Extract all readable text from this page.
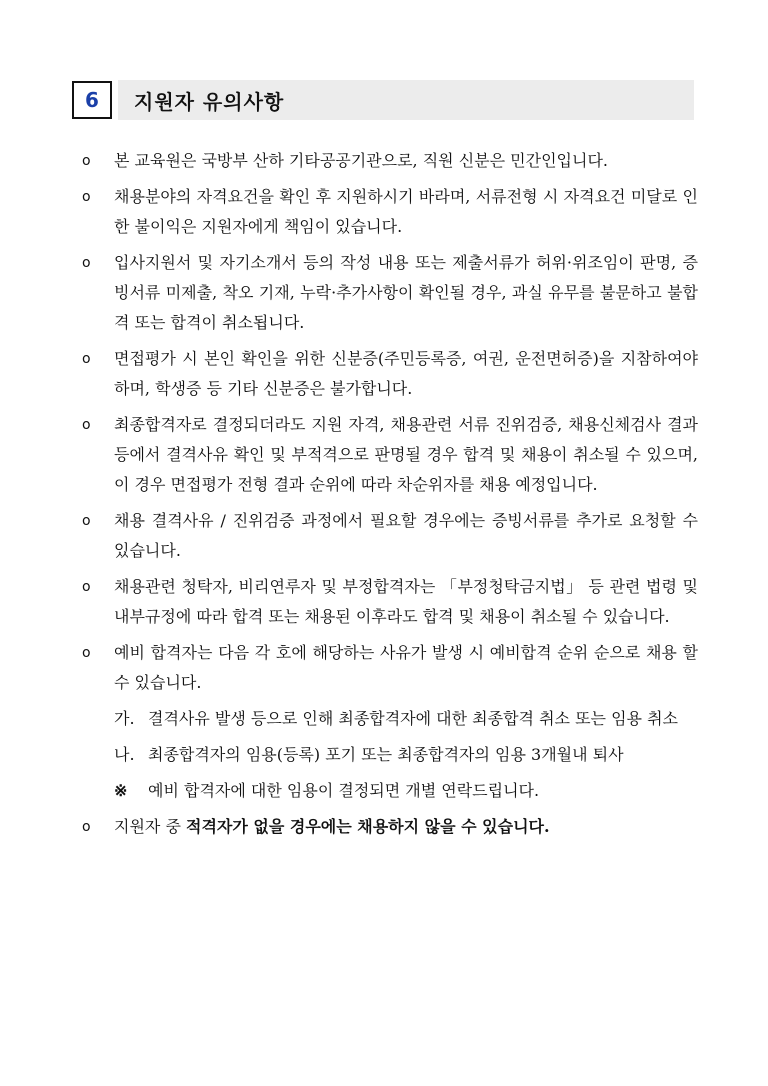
6	지원자 유의사항
ο	본 교육원은 국방부 산하 기타공공기관으로, 직원 신분은 민간인입니다.
ο	채용분야의 자격요건을 확인 후 지원하시기 바라며, 서류전형 시 자격요건 미달로 인한 불이익은 지원자에게 책임이 있습니다.
ο	입사지원서 및 자기소개서 등의 작성 내용 또는 제출서류가 허위·위조임이 판명, 증빙서류 미제출, 착오 기재, 누락·추가사항이 확인될 경우, 과실 유무를 불문하고 불합격 또는 합격이 취소됩니다.
ο	면접평가 시 본인 확인을 위한 신분증(주민등록증, 여권, 운전면허증)을 지참하여야 하며, 학생증 등 기타 신분증은 불가합니다.
ο	최종합격자로 결정되더라도 지원 자격, 채용관련 서류 진위검증, 채용신체검사 결과 등에서 결격사유 확인 및 부적격으로 판명될 경우 합격 및 채용이 취소될 수 있으며, 이 경우 면접평가 전형 결과 순위에 따라 차순위자를 채용 예정입니다.
ο	채용 결격사유 / 진위검증 과정에서 필요할 경우에는 증빙서류를 추가로 요청할 수 있습니다.
ο	채용관련 청탁자, 비리연루자 및 부정합격자는 「부정청탁금지법」 등 관련 법령 및 내부규정에 따라 합격 또는 채용된 이후라도 합격 및 채용이 취소될 수 있습니다.
ο	예비 합격자는 다음 각 호에 해당하는 사유가 발생 시 예비합격 순위 순으로 채용 할 수 있습니다.
가. 결격사유 발생 등으로 인해 최종합격자에 대한 최종합격 취소 또는 임용 취소
나. 최종합격자의 임용(등록) 포기 또는 최종합격자의 임용 3개월내 퇴사
※ 예비 합격자에 대한 임용이 결정되면 개별 연락드립니다.
ο	지원자 중 적격자가 없을 경우에는 채용하지 않을 수 있습니다.
